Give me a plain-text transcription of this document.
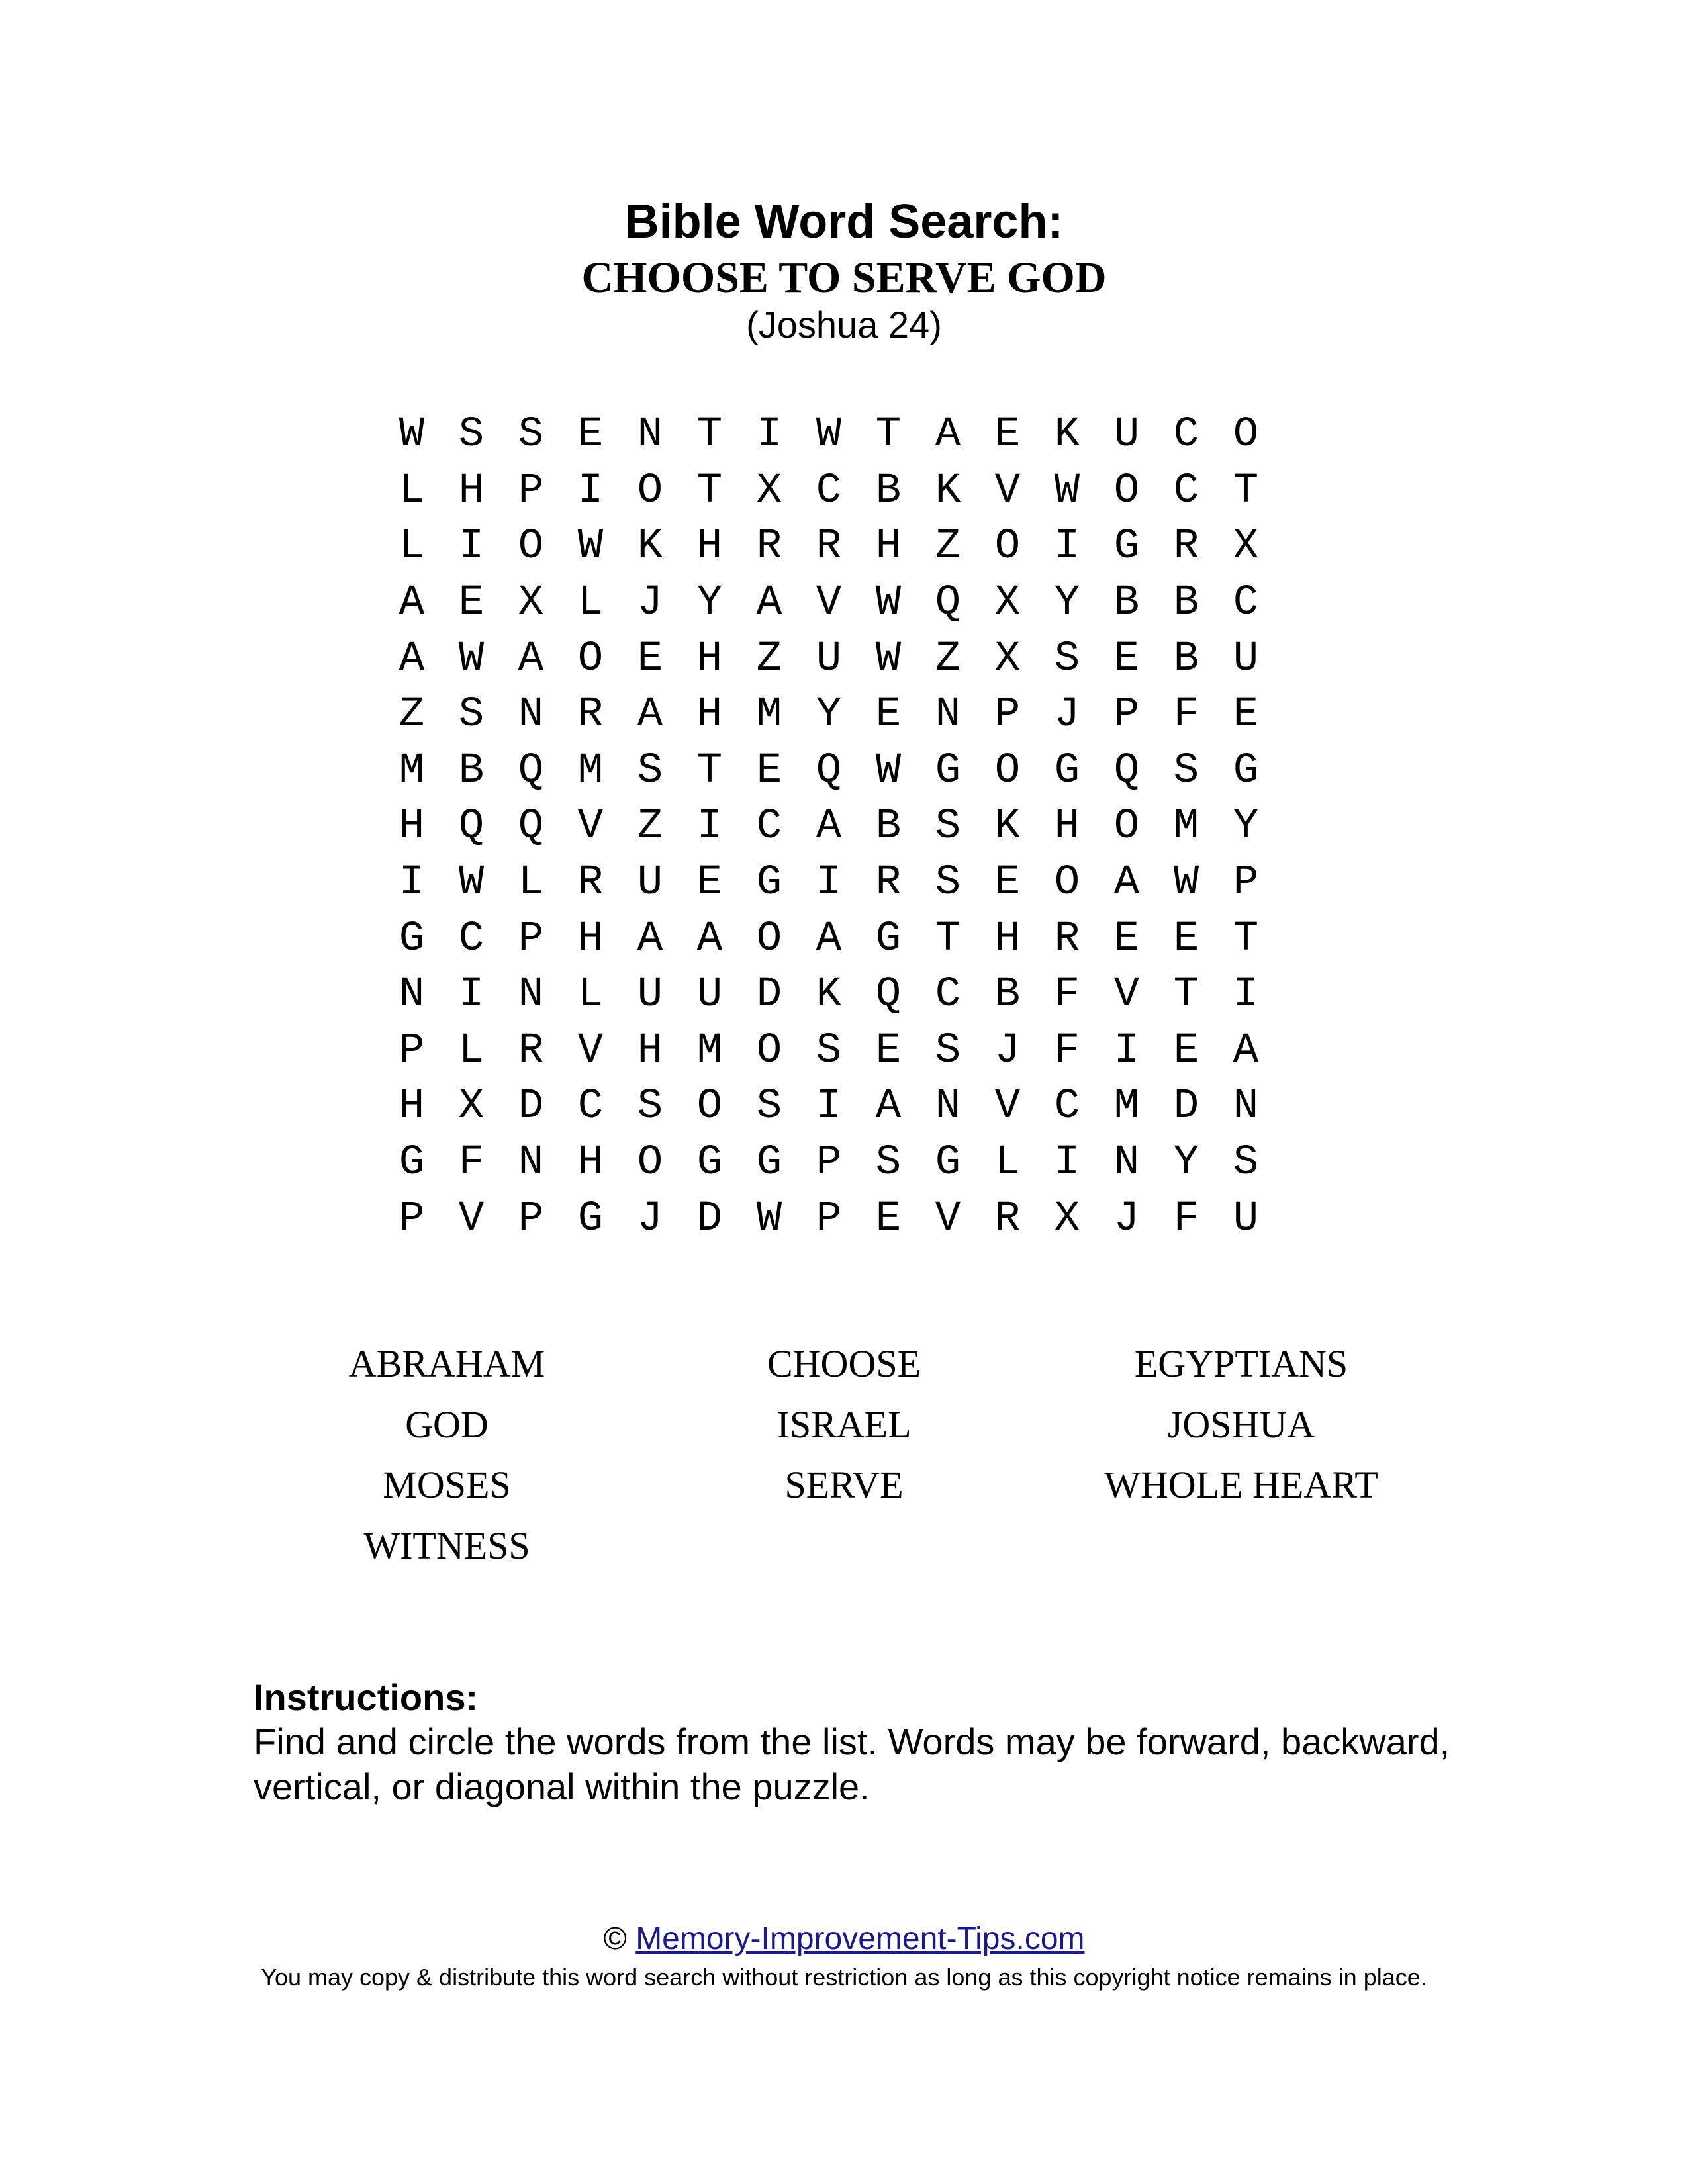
Bible Word Search:
CHOOSE TO SERVE GOD
(Joshua 24)
W S S E N T I W T A E K U C O
L H P I O T X C B K V W O C T
L I O W K H R R H Z O I G R X
A E X L J Y A V W Q X Y B B C
A W A O E H Z U W Z X S E B U
Z S N R A H M Y E N P J P F E
M B Q M S T E Q W G O G Q S G
H Q Q V Z I C A B S K H O M Y
I W L R U E G I R S E O A W P
G C P H A A O A G T H R E E T
N I N L U U D K Q C B F V T I
P L R V H M O S E S J F I E A
H X D C S O S I A N V C M D N
G F N H O G G P S G L I N Y S
P V P G J D W P E V R X J F U
ABRAHAM	CHOOSE	EGYPTIANS
GOD	ISRAEL	JOSHUA
MOSES	SERVE	WHOLE HEART
WITNESS
Instructions:
Find and circle the words from the list. Words may be forward, backward, vertical, or diagonal within the puzzle.
© Memory-Improvement-Tips.com
You may copy & distribute this word search without restriction as long as this copyright notice remains in place.
